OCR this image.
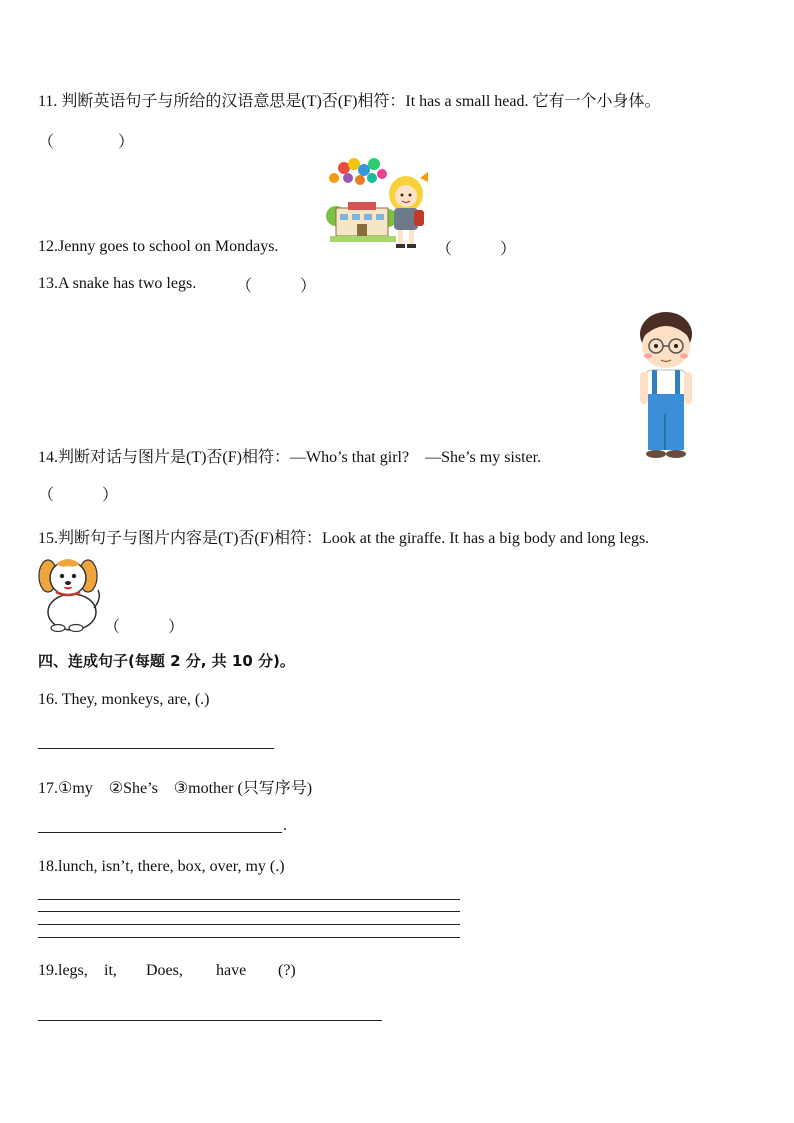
11. 判断英语句子与所给的汉语意思是(T)否(F)相符：It has a small head. 它有一个小身体。
（　　　　）
12.Jenny goes to school on Mondays.	（　　　）
13.A snake has two legs. （　　　）
14.判断对话与图片是(T)否(F)相符：—Who’s that girl?　—She’s my sister.
（　　　）
15.判断句子与图片内容是(T)否(F)相符：Look at the giraffe. It has a big body and long legs.
（　　　）
四、连成句子(每题 2 分, 共 10 分)。
16. They, monkeys, are, (.)
17.①my　②She’s　③mother (只写序号)
.
18.lunch, isn’t, there, box, over, my (.)
19.legs, it, Does, have (?)
